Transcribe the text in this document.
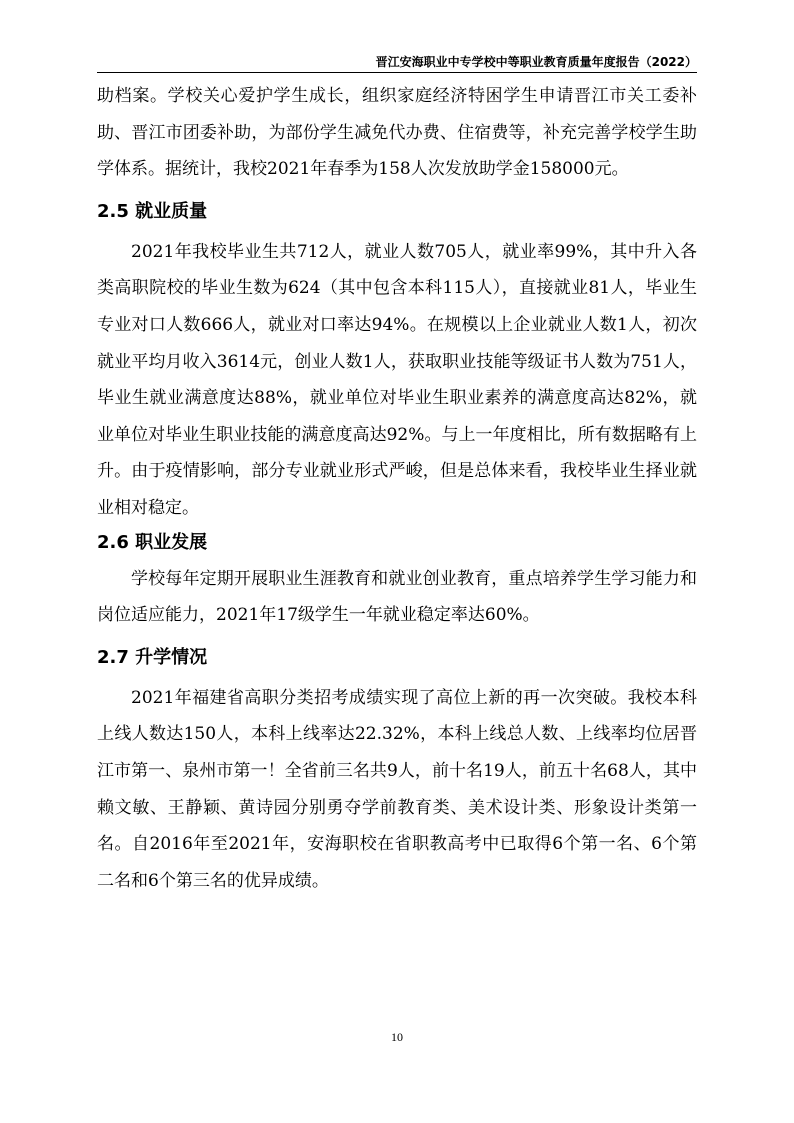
晋江安海职业中专学校中等职业教育质量年度报告（2022）

助档案。学校关心爱护学生成长，组织家庭经济特困学生申请晋江市关工委补助、晋江市团委补助，为部份学生减免代办费、住宿费等，补充完善学校学生助学体系。据统计，我校2021年春季为158人次发放助学金158000元。

2.5 就业质量

2021年我校毕业生共712人，就业人数705人，就业率99%，其中升入各类高职院校的毕业生数为624（其中包含本科115人），直接就业81人，毕业生专业对口人数666人，就业对口率达94%。在规模以上企业就业人数1人，初次就业平均月收入3614元，创业人数1人，获取职业技能等级证书人数为751人，毕业生就业满意度达88%，就业单位对毕业生职业素养的满意度高达82%，就业单位对毕业生职业技能的满意度高达92%。与上一年度相比，所有数据略有上升。由于疫情影响，部分专业就业形式严峻，但是总体来看，我校毕业生择业就业相对稳定。

2.6 职业发展

学校每年定期开展职业生涯教育和就业创业教育，重点培养学生学习能力和岗位适应能力，2021年17级学生一年就业稳定率达60%。

2.7 升学情况

2021年福建省高职分类招考成绩实现了高位上新的再一次突破。我校本科上线人数达150人，本科上线率达22.32%，本科上线总人数、上线率均位居晋江市第一、泉州市第一！全省前三名共9人，前十名19人，前五十名68人，其中赖文敏、王静颖、黄诗园分别勇夺学前教育类、美术设计类、形象设计类第一名。自2016年至2021年，安海职校在省职教高考中已取得6个第一名、6个第二名和6个第三名的优异成绩。

10
